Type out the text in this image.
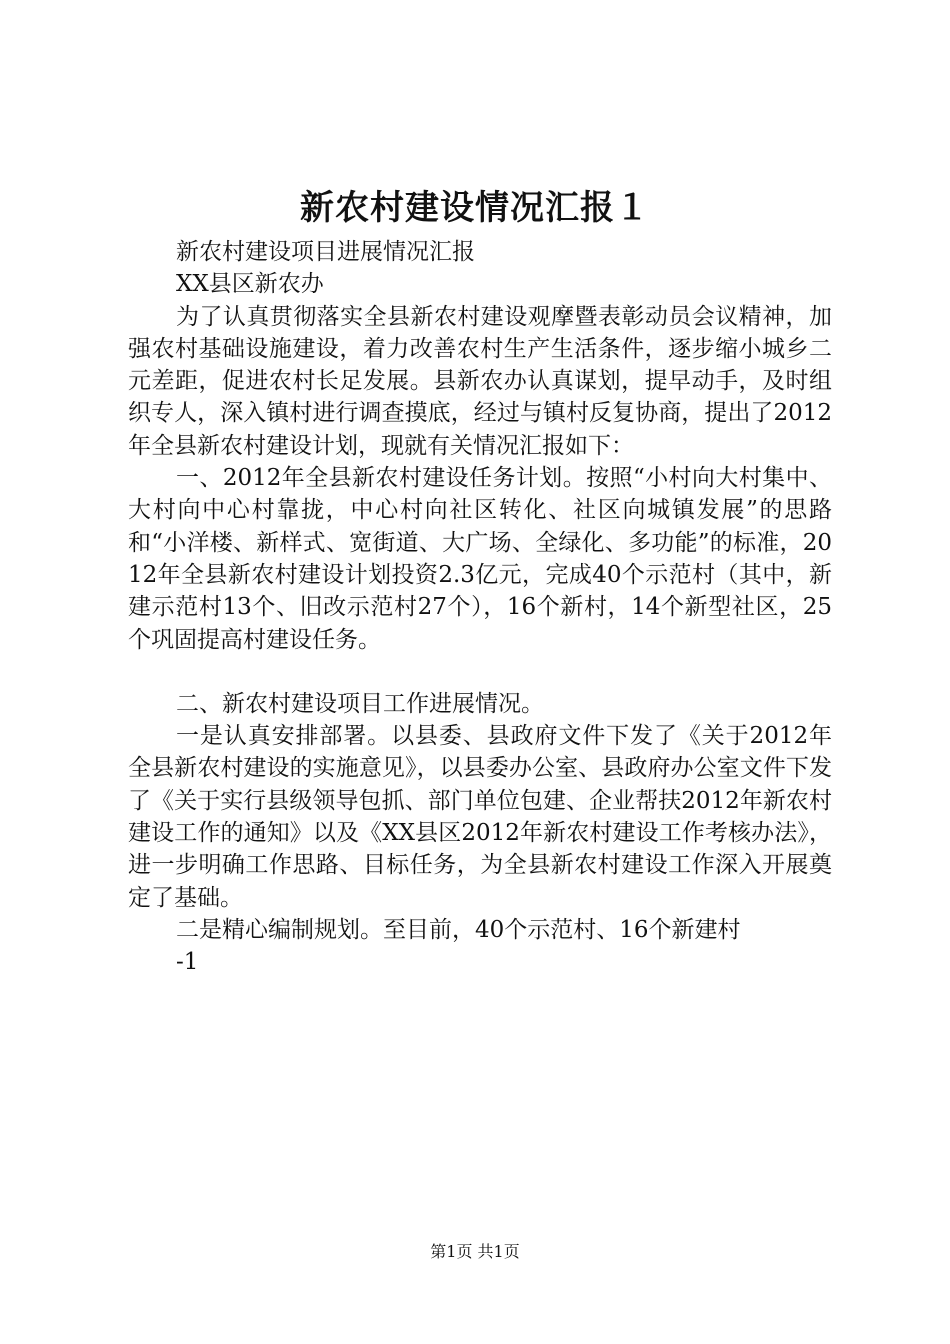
新农村建设情况汇报１

新农村建设项目进展情况汇报

XX县区新农办

为了认真贯彻落实全县新农村建设观摩暨表彰动员会议精神，加强农村基础设施建设，着力改善农村生产生活条件，逐步缩小城乡二元差距，促进农村长足发展。县新农办认真谋划，提早动手，及时组织专人，深入镇村进行调查摸底，经过与镇村反复协商，提出了2012年全县新农村建设计划，现就有关情况汇报如下：

一、2012年全县新农村建设任务计划。按照“小村向大村集中、大村向中心村靠拢，中心村向社区转化、社区向城镇发展”的思路和“小洋楼、新样式、宽街道、大广场、全绿化、多功能”的标准，2012年全县新农村建设计划投资2.3亿元，完成40个示范村（其中，新建示范村13个、旧改示范村27个），16个新村，14个新型社区，25个巩固提高村建设任务。

二、新农村建设项目工作进展情况。

一是认真安排部署。以县委、县政府文件下发了《关于2012年全县新农村建设的实施意见》，以县委办公室、县政府办公室文件下发了《关于实行县级领导包抓、部门单位包建、企业帮扶2012年新农村建设工作的通知》以及《XX县区2012年新农村建设工作考核办法》，进一步明确工作思路、目标任务，为全县新农村建设工作深入开展奠定了基础。

二是精心编制规划。至目前，40个示范村、16个新建村

-1

第1页 共1页
